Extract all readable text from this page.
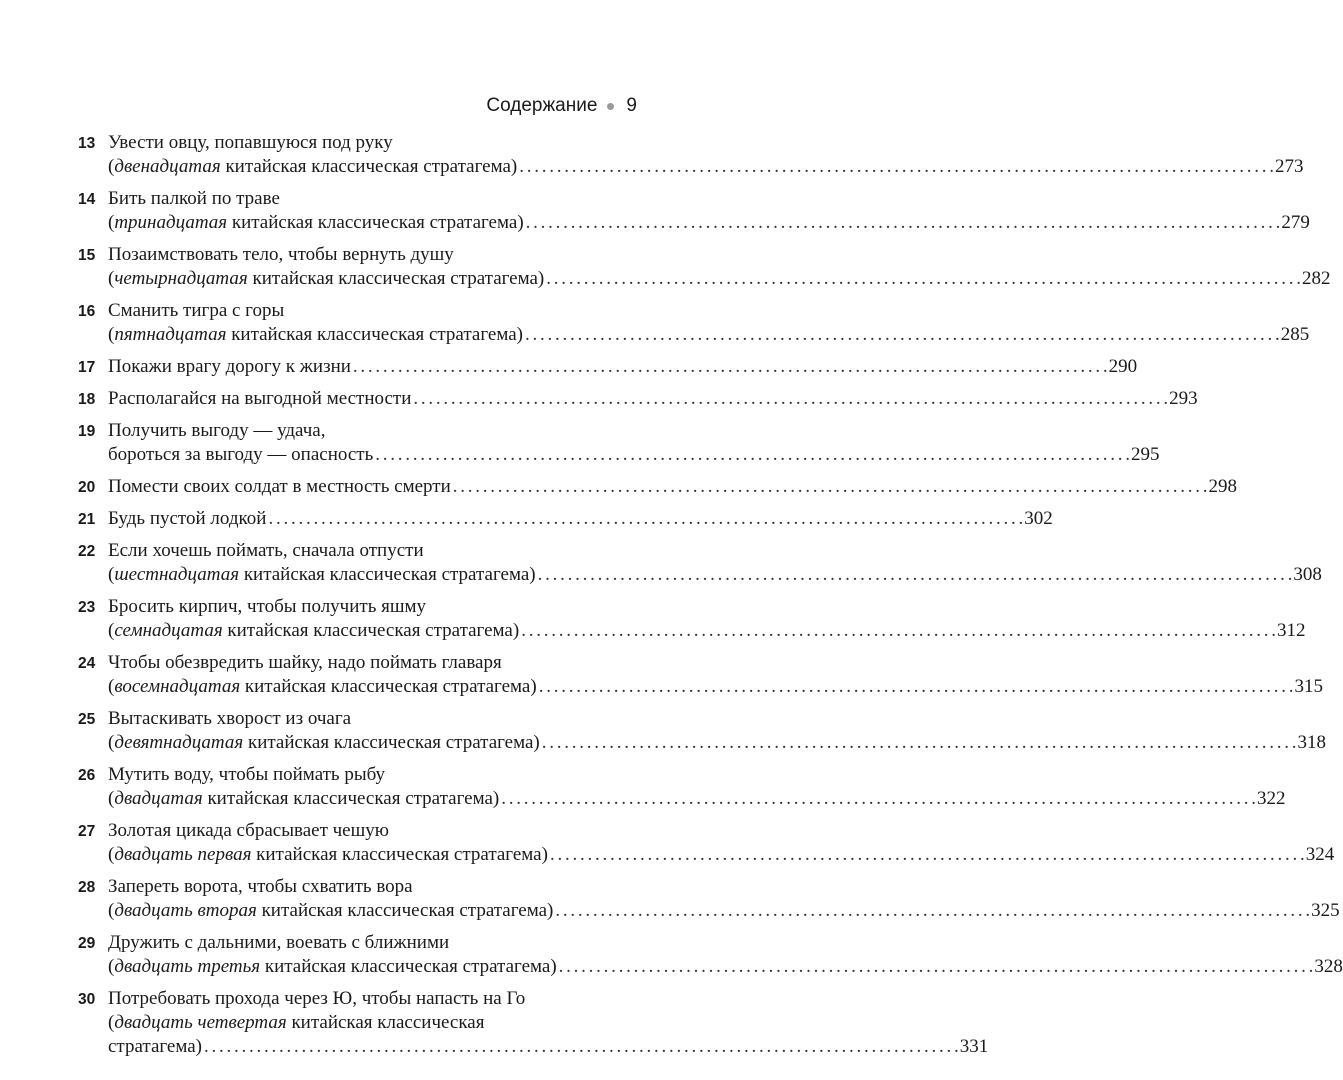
Содержание 9
13 Увести овцу, попавшуюся под руку
(двенадцатая китайская классическая стратагема) . . .	273
14 Бить палкой по траве
(тринадцатая китайская классическая стратагема) . . .	279
15 Позаимствовать тело, чтобы вернуть душу
(четырнадцатая китайская классическая стратагема) . . .	282
16 Сманить тигра с горы
(пятнадцатая китайская классическая стратагема) . . .	285
17 Покажи врагу дорогу к жизни . . .	290
18 Располагайся на выгодной местности . . .	293
19 Получить выгоду — удача,
бороться за выгоду — опасность . . .	295
20 Помести своих солдат в местность смерти . . .	298
21 Будь пустой лодкой . . .	302
22 Если хочешь поймать, сначала отпусти
(шестнадцатая китайская классическая стратагема) . . .	308
23 Бросить кирпич, чтобы получить яшму
(семнадцатая китайская классическая стратагема) . . .	312
24 Чтобы обезвредить шайку, надо поймать главаря
(восемнадцатая китайская классическая стратагема) . . .	315
25 Вытаскивать хворост из очага
(девятнадцатая китайская классическая стратагема) . . .	318
26 Мутить воду, чтобы поймать рыбу
(двадцатая китайская классическая стратагема) . . .	322
27 Золотая цикада сбрасывает чешую
(двадцать первая китайская классическая стратагема) . . .	324
28 Запереть ворота, чтобы схватить вора
(двадцать вторая китайская классическая стратагема) . . .	325
29 Дружить с дальними, воевать с ближними
(двадцать третья китайская классическая стратагема) . . .	328
30 Потребовать прохода через Ю, чтобы напасть на Го
(двадцать четвертая китайская классическая
стратагема) . . .	331
